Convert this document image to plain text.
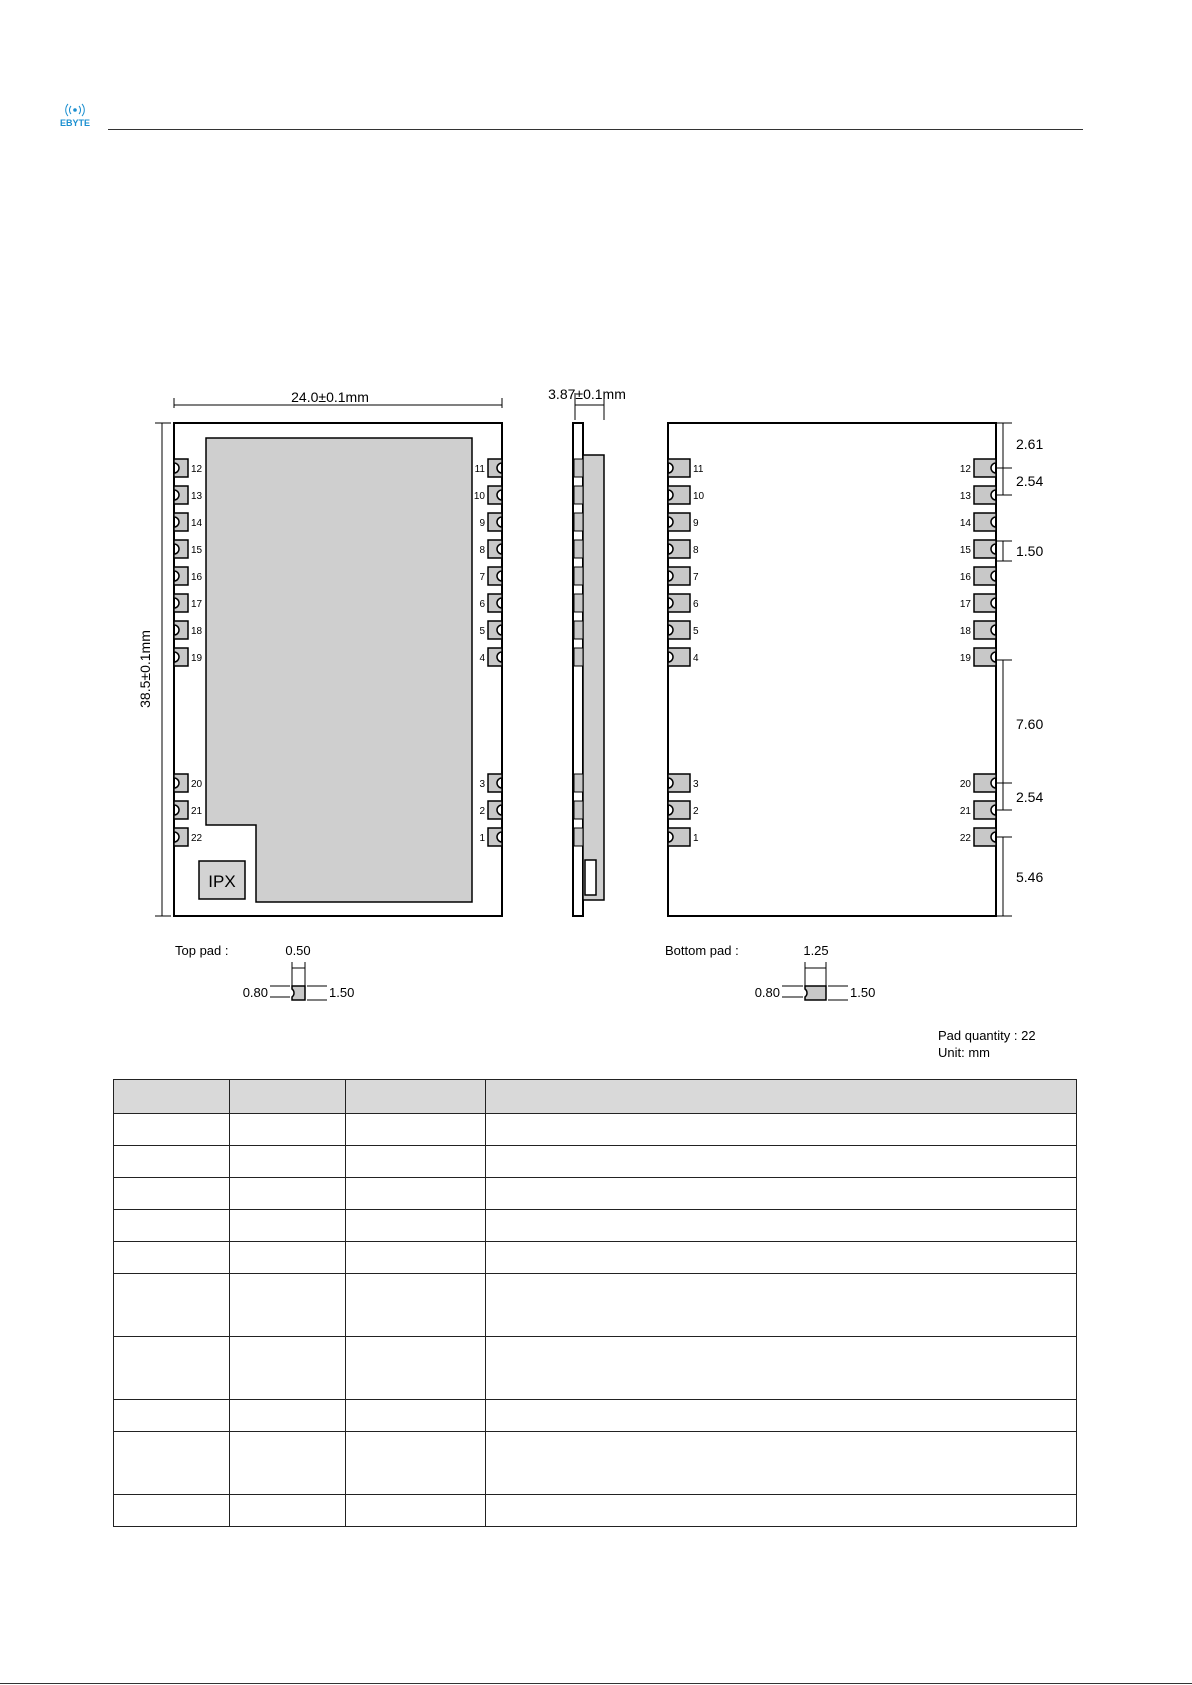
EBYTE
24.0±0.1mm
38.5±0.1mm
IPX
12
13
14
15
16
17
18
19
20
21
22
11
10
9
8
7
6
5
4
3
2
1
3.87±0.1mm
11
10
9
8
7
6
5
4
3
2
1
12
13
14
15
16
17
18
19
20
21
22
2.61
2.54
1.50
7.60
2.54
5.46
Top pad :	0.50
0.80	1.50
Bottom pad :	1.25
0.80	1.50
Pad quantity : 22
Unit: mm
